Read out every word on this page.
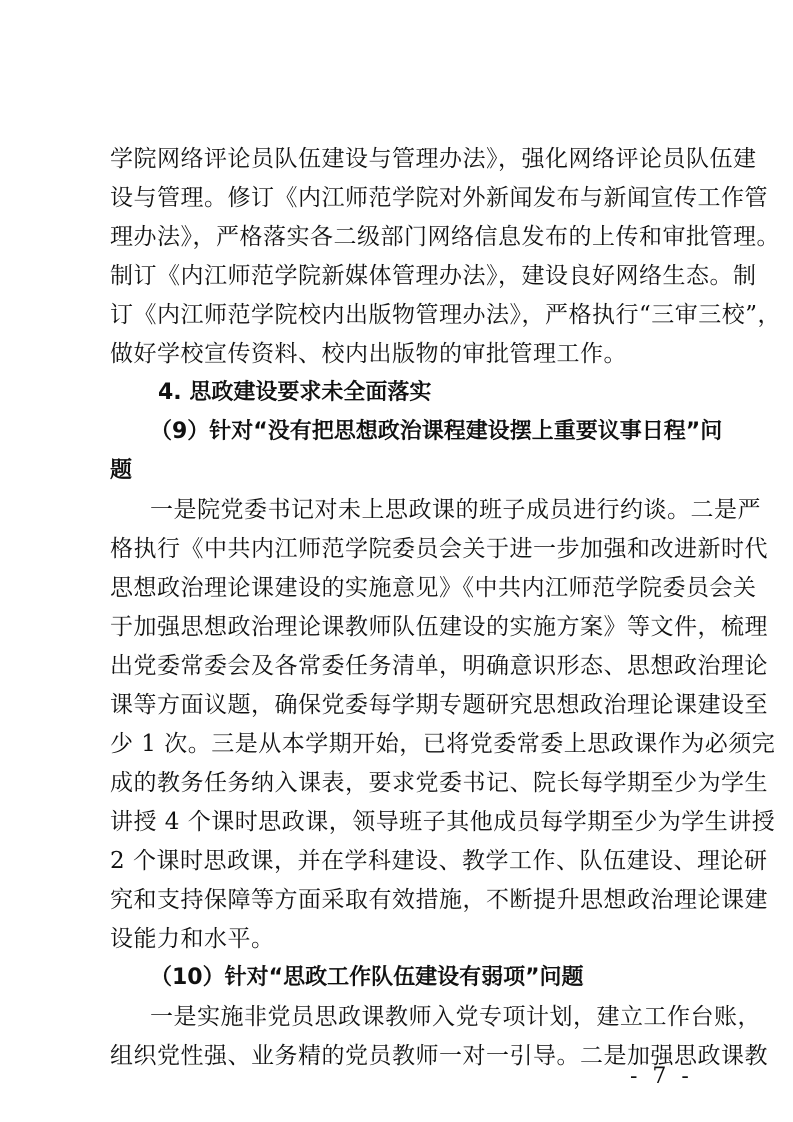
学院网络评论员队伍建设与管理办法》，强化网络评论员队伍建
设与管理。修订《内江师范学院对外新闻发布与新闻宣传工作管
理办法》，严格落实各二级部门网络信息发布的上传和审批管理。
制订《内江师范学院新媒体管理办法》，建设良好网络生态。制
订《内江师范学院校内出版物管理办法》，严格执行“三审三校”，
做好学校宣传资料、校内出版物的审批管理工作。
4. 思政建设要求未全面落实
（9）针对“没有把思想政治课程建设摆上重要议事日程”问
题
一是院党委书记对未上思政课的班子成员进行约谈。二是严
格执行《中共内江师范学院委员会关于进一步加强和改进新时代
思想政治理论课建设的实施意见》《中共内江师范学院委员会关
于加强思想政治理论课教师队伍建设的实施方案》等文件，梳理
出党委常委会及各常委任务清单，明确意识形态、思想政治理论
课等方面议题，确保党委每学期专题研究思想政治理论课建设至
少 1 次。三是从本学期开始，已将党委常委上思政课作为必须完
成的教务任务纳入课表，要求党委书记、院长每学期至少为学生
讲授 4 个课时思政课，领导班子其他成员每学期至少为学生讲授
2 个课时思政课，并在学科建设、教学工作、队伍建设、理论研
究和支持保障等方面采取有效措施，不断提升思想政治理论课建
设能力和水平。
（10）针对“思政工作队伍建设有弱项”问题
一是实施非党员思政课教师入党专项计划，建立工作台账，
组织党性强、业务精的党员教师一对一引导。二是加强思政课教
- 7 -
